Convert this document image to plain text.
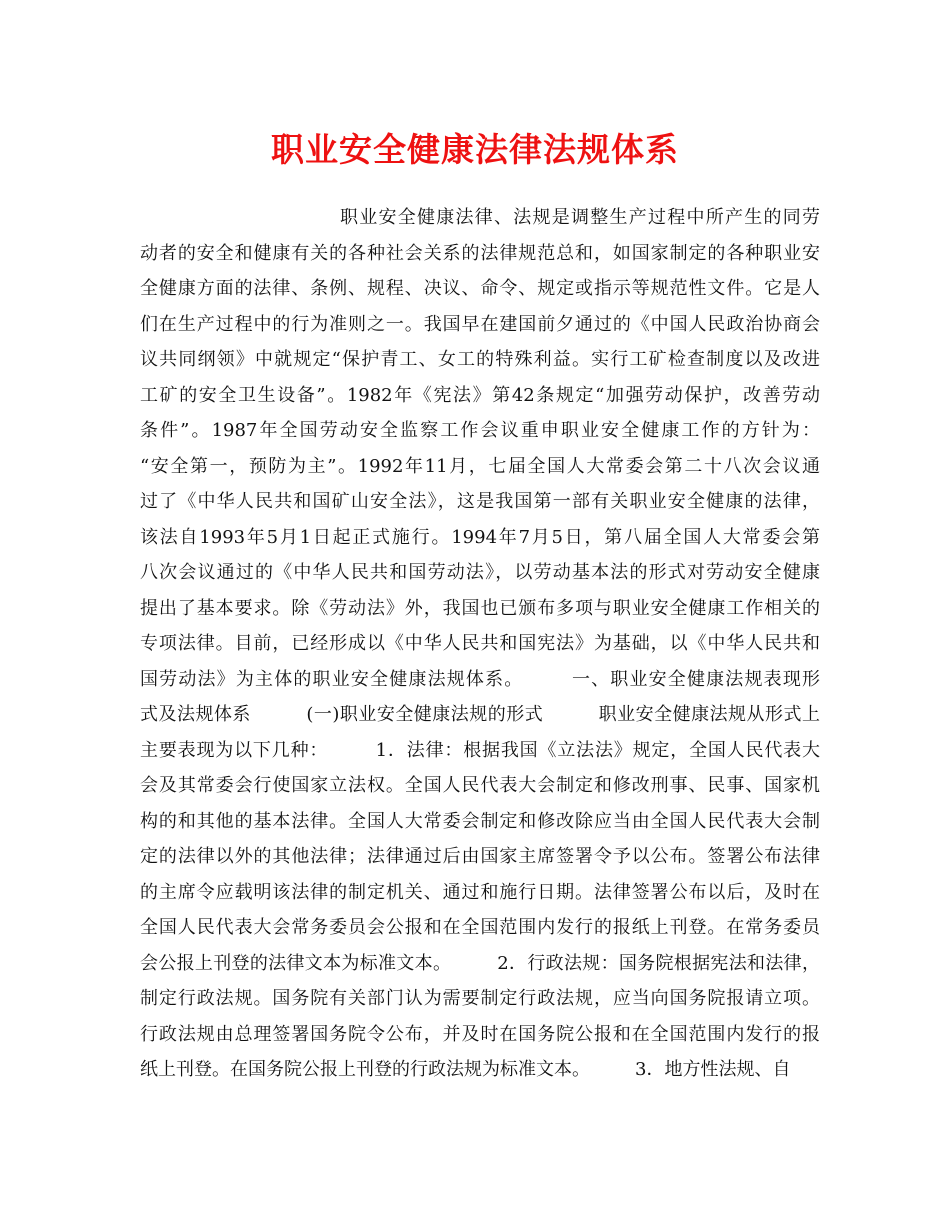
职业安全健康法律法规体系
职业安全健康法律、法规是调整生产过程中所产生的同劳
动者的安全和健康有关的各种社会关系的法律规范总和，如国家制定的各种职业安
全健康方面的法律、条例、规程、决议、命令、规定或指示等规范性文件。它是人
们在生产过程中的行为准则之一。我国早在建国前夕通过的《中国人民政治协商会
议共同纲领》中就规定“保护青工、女工的特殊利益。实行工矿检查制度以及改进
工矿的安全卫生设备”。1982年《宪法》第42条规定“加强劳动保护，改善劳动
条件”。1987年全国劳动安全监察工作会议重申职业安全健康工作的方针为：
“安全第一，预防为主”。1992年11月，七届全国人大常委会第二十八次会议通
过了《中华人民共和国矿山安全法》，这是我国第一部有关职业安全健康的法律，
该法自1993年5月1日起正式施行。1994年7月5日，第八届全国人大常委会第
八次会议通过的《中华人民共和国劳动法》，以劳动基本法的形式对劳动安全健康
提出了基本要求。除《劳动法》外，我国也已颁布多项与职业安全健康工作相关的
专项法律。目前，已经形成以《中华人民共和国宪法》为基础，以《中华人民共和
国劳动法》为主体的职业安全健康法规体系。　　　一、职业安全健康法规表现形
式及法规体系　　　(一)职业安全健康法规的形式　　　职业安全健康法规从形式上
主要表现为以下几种：　　　1．法律：根据我国《立法法》规定，全国人民代表大
会及其常委会行使国家立法权。全国人民代表大会制定和修改刑事、民事、国家机
构的和其他的基本法律。全国人大常委会制定和修改除应当由全国人民代表大会制
定的法律以外的其他法律；法律通过后由国家主席签署令予以公布。签署公布法律
的主席令应载明该法律的制定机关、通过和施行日期。法律签署公布以后，及时在
全国人民代表大会常务委员会公报和在全国范围内发行的报纸上刊登。在常务委员
会公报上刊登的法律文本为标准文本。　　　2．行政法规：国务院根据宪法和法律，
制定行政法规。国务院有关部门认为需要制定行政法规，应当向国务院报请立项。
行政法规由总理签署国务院令公布，并及时在国务院公报和在全国范围内发行的报
纸上刊登。在国务院公报上刊登的行政法规为标准文本。　　　3．地方性法规、自
